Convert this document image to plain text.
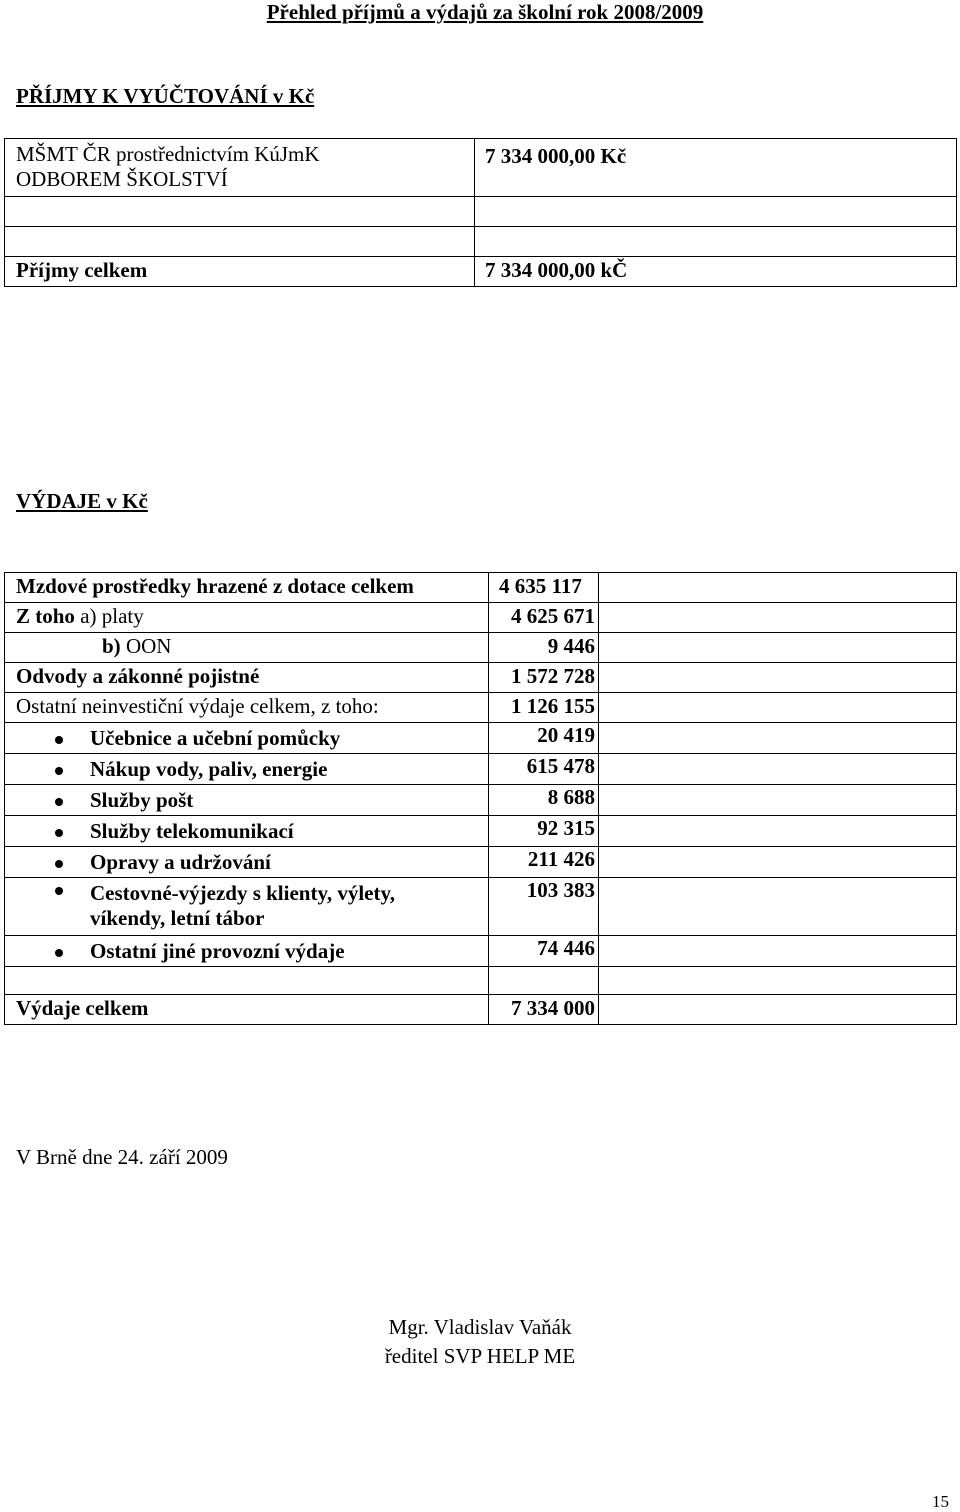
Přehled příjmů a výdajů za školní rok 2008/2009
PŘÍJMY K VYÚČTOVÁNÍ v Kč
MŠMT ČR prostřednictvím KúJmK
ODBOREM ŠKOLSTVÍ	7 334 000,00 Kč

Příjmy celkem	7 334 000,00 kČ
VÝDAJE v Kč
Mzdové prostředky hrazené z dotace celkem	4 635 117	
Z toho a) platy	4 625 671	
b) OON	9 446	
Odvody a zákonné pojistné	1 572 728	
Ostatní neinvestiční výdaje celkem, z toho:	1 126 155	

Učebnice a učební pomůcky	20 419	

Nákup vody, paliv, energie	615 478	

Služby pošt	8 688	

Služby telekomunikací	92 315	

Opravy a udržování	211 426	

Cestovné-výjezdy s klienty, výlety,
víkendy, letní tábor	103 383	

Ostatní jiné provozní výdaje	74 446	

Výdaje celkem	7 334 000	
V Brně dne 24. září 2009
Mgr. Vladislav Vaňák
ředitel SVP HELP ME
15
